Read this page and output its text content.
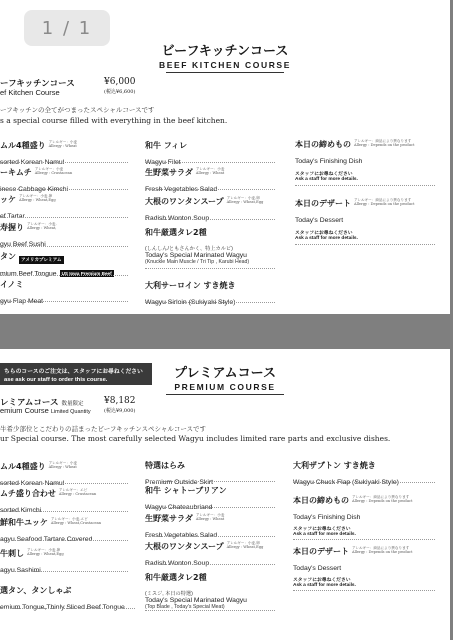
ビーフキッチンコース
BEEF KITCHEN COURSE
ーフキッチンコース
ef Kitchen Course
¥6,000
(税込¥6,600)
ーフキッチンの全てがつまったスペシャルコースです
s a special course filled with everything in the beef kitchen.
ムル4種盛り アレルギー：小麦
Allergy : Wheat
sorted Korean Namul
ーキムチ アレルギー：小麦
Allergy : Crustacean
inese Cabbage Kimchi
ッケ アレルギー：小麦,卵
Allergy : Wheat,Egg
ef Tartar
寿握り アレルギー：小麦,
Allergy : Wheat,
gyu Beef Sushi
タン アメリカプレミアム
mium Beef Tongue US Iowa Premium Beef
イノミ
gyu Flap Meat
和牛 フィレ
Wagyu Filet
生野菜サラダ アレルギー：小麦
Allergy : Wheat
Fresh Vegetables Salad
大根のワンタンスープ アレルギー：小麦,卵
Allergy : Wheat,Egg
Radish Wonton Soup
和牛厳選タレ2種
(しんしん/ともさんかく、特上カルビ)
Today's Special Marinated Wagyu
(Knuckle Main Muscle / Tri Tip , Karubi Head)
大利サーロイン すき焼き
Wagyu Sirloin (Sukiyaki Style)
本日の締めもの アレルギー：商品により異なります
Allergy : Depends on the product
Today's Finishing Dish
スタッフにお尋ねください
Ask a staff for more details.
本日のデザート アレルギー：商品により異なります
Allergy : Depends on the product
Today's Dessert
スタッフにお尋ねください
Ask a staff for more details.
1 / 1
ちらのコースのご注文は、スタッフにお尋ねください
ase ask our staff to order this course.	プレミアムコース
PREMIUM COURSE
レミアムコース 数量限定
emium Course Limited Quantity
¥8,182
(税込¥9,000)
牛希少部位とこだわりの詰まったビーフキッチンスペシャルコースです
ur Special course. The most carefully selected Wagyu includes limited rare parts and exclusive dishes.
ムル4種盛り アレルギー：小麦
Allergy : Wheat
sorted Korean Namul
ムチ盛り合わせ アレルギー：エビ
Allergy : Crustacean
sorted Kimchi
鮮和牛ユッケ アレルギー：小麦,エビ
Allergy : Wheat,Crustacean
agyu Seafood Tartare Covered
牛刺し アレルギー：小麦,卵
Allergy : Wheat,Egg
agyu Sashimi
選タン、タンしゃぶ
emium Tongue,Thinly Sliced Beef Tongue
特選はらみ
Premium Outside Skirt
和牛 シャトーブリアン
Wagyu Chateaubriand
生野菜サラダ アレルギー：小麦
Allergy : Wheat
Fresh Vegetables Salad
大根のワンタンスープ アレルギー：小麦,卵
Allergy : Wheat,Egg
Radish Wonton Soup
和牛厳選タレ2種
(ミスジ, 本日の特選)
Today's Special Marinated Wagyu
(Top Blade , Today's Special Meat)
大利ザブトン すき焼き
Wagyu Chuck Flap (Sukiyaki Style)
本日の締めもの アレルギー：商品により異なります
Allergy : Depends on the product
Today's Finishing Dish
スタッフにお尋ねください
Ask a staff for more details.
本日のデザート アレルギー：商品により異なります
Allergy : Depends on the product
Today's Dessert
スタッフにお尋ねください
Ask a staff for more details.
